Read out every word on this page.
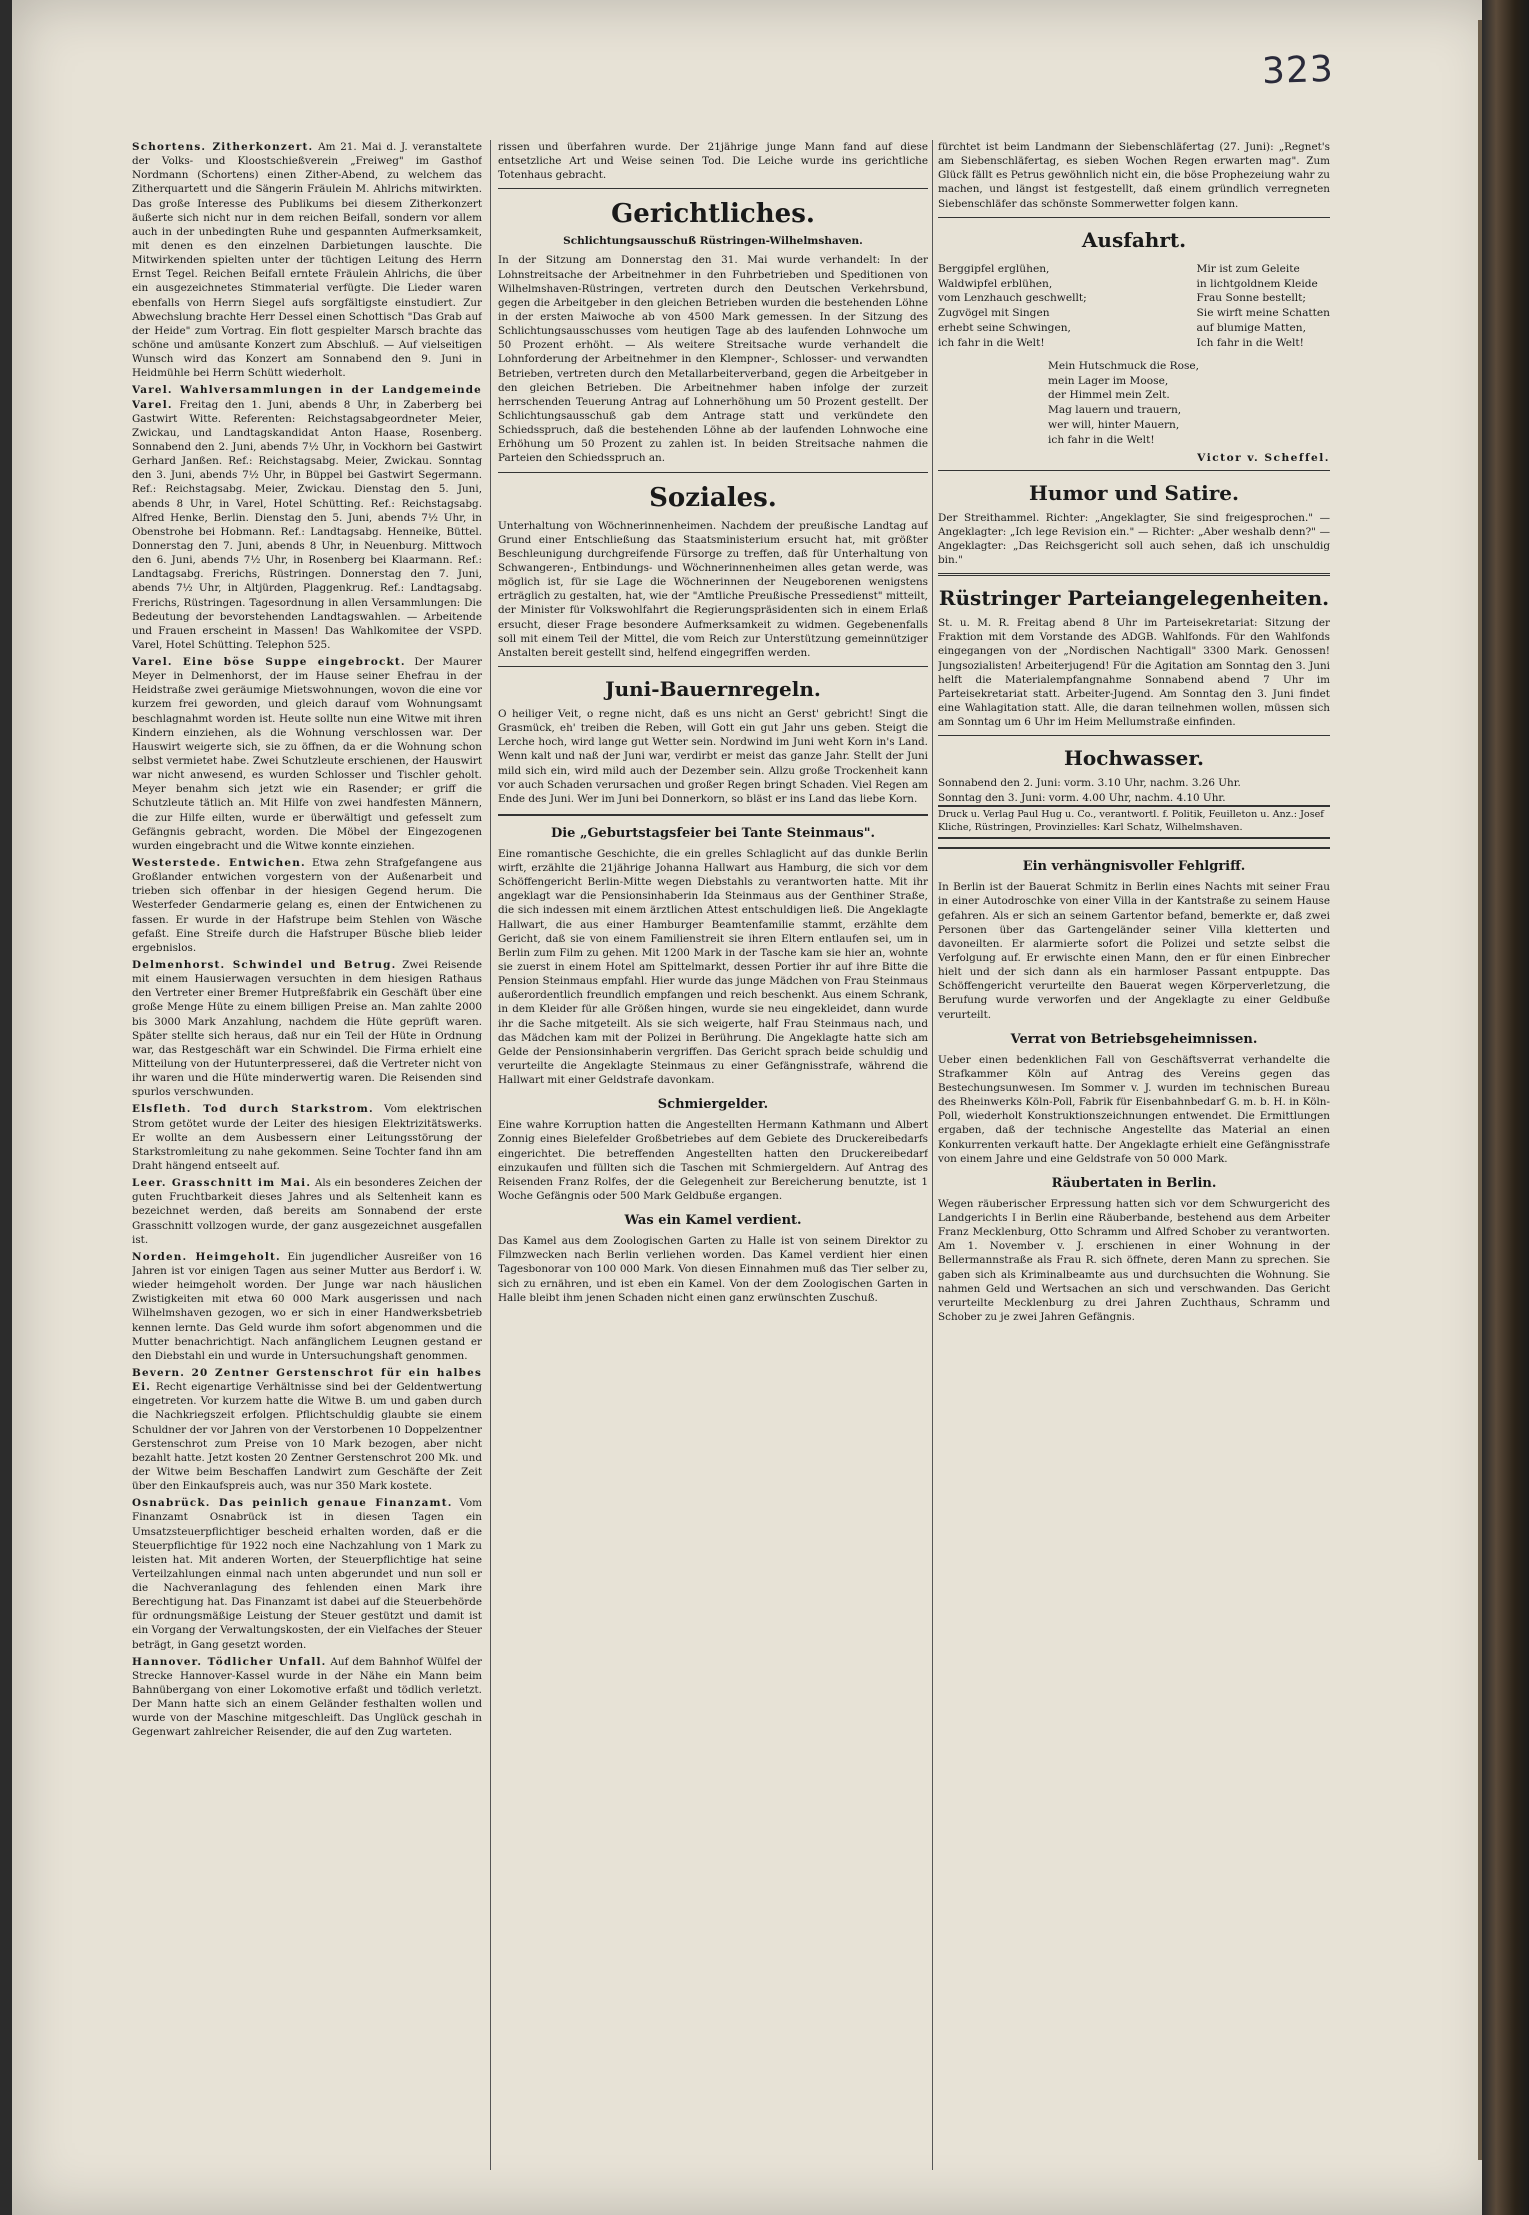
323

Schortens. Zitherkonzert. Am 21. Mai d. J. veranstaltete der Volks- und Kloostschießverein „Freiweg" im Gasthof Nordmann (Schortens) einen Zither-Abend, zu welchem das Zitherquartett und die Sängerin Fräulein M. Ahlrichs mitwirkten. Das große Interesse des Publikums bei diesem Zitherkonzert äußerte sich nicht nur in dem reichen Beifall, sondern vor allem auch in der unbedingten Ruhe und gespannten Aufmerksamkeit, mit denen es den einzelnen Darbietungen lauschte. Die Mitwirkenden spielten unter der tüchtigen Leitung des Herrn Ernst Tegel. Reichen Beifall erntete Fräulein Ahlrichs, die über ein ausgezeichnetes Stimmaterial verfügte. Die Lieder waren ebenfalls von Herrn Siegel aufs sorgfältigste einstudiert. Zur Abwechslung brachte Herr Dessel einen Schottisch "Das Grab auf der Heide" zum Vortrag. Ein flott gespielter Marsch brachte das schöne und amüsante Konzert zum Abschluß. — Auf vielseitigen Wunsch wird das Konzert am Sonnabend den 9. Juni in Heidmühle bei Herrn Schütt wiederholt.

Varel. Wahlversammlungen in der Landgemeinde Varel. Freitag den 1. Juni, abends 8 Uhr, in Zaberberg bei Gastwirt Witte. Referenten: Reichstagsabgeordneter Meier, Zwickau, und Landtagskandidat Anton Haase, Rosenberg. Sonnabend den 2. Juni, abends 7½ Uhr, in Vockhorn bei Gastwirt Gerhard Janßen. Ref.: Reichstagsabg. Meier, Zwickau. Sonntag den 3. Juni, abends 7½ Uhr, in Büppel bei Gastwirt Segermann. Ref.: Reichstagsabg. Meier, Zwickau. Dienstag den 5. Juni, abends 8 Uhr, in Varel, Hotel Schütting. Ref.: Reichstagsabg. Alfred Henke, Berlin. Dienstag den 5. Juni, abends 7½ Uhr, in Obenstrohe bei Hobmann. Ref.: Landtagsabg. Henneike, Büttel. Donnerstag den 7. Juni, abends 8 Uhr, in Neuenburg. Mittwoch den 6. Juni, abends 7½ Uhr, in Rosenberg bei Klaarmann. Ref.: Landtagsabg. Frerichs, Rüstringen. Donnerstag den 7. Juni, abends 7½ Uhr, in Altjürden, Plaggenkrug. Ref.: Landtagsabg. Frerichs, Rüstringen. Tagesordnung in allen Versammlungen: Die Bedeutung der bevorstehenden Landtagswahlen. — Arbeitende und Frauen erscheint in Massen! Das Wahlkomitee der VSPD. Varel, Hotel Schütting. Telephon 525.

Varel. Eine böse Suppe eingebrockt. Der Maurer Meyer in Delmenhorst, der im Hause seiner Ehefrau in der Heidstraße zwei geräumige Mietswohnungen, wovon die eine vor kurzem frei geworden, und gleich darauf vom Wohnungsamt beschlagnahmt worden ist. Heute sollte nun eine Witwe mit ihren Kindern einziehen, als die Wohnung verschlossen war. Der Hauswirt weigerte sich, sie zu öffnen, da er die Wohnung schon selbst vermietet habe. Zwei Schutzleute erschienen, der Hauswirt war nicht anwesend, es wurden Schlosser und Tischler geholt. Meyer benahm sich jetzt wie ein Rasender; er griff die Schutzleute tätlich an. Mit Hilfe von zwei handfesten Männern, die zur Hilfe eilten, wurde er überwältigt und gefesselt zum Gefängnis gebracht, worden. Die Möbel der Eingezogenen wurden eingebracht und die Witwe konnte einziehen.

Westerstede. Entwichen. Etwa zehn Strafgefangene aus Großlander entwichen vorgestern von der Außenarbeit und trieben sich offenbar in der hiesigen Gegend herum. Die Westerfeder Gendarmerie gelang es, einen der Entwichenen zu fassen. Er wurde in der Hafstrupe beim Stehlen von Wäsche gefaßt. Eine Streife durch die Hafstruper Büsche blieb leider ergebnislos.

Delmenhorst. Schwindel und Betrug. Zwei Reisende mit einem Hausierwagen versuchten in dem hiesigen Rathaus den Vertreter einer Bremer Hutpreßfabrik ein Geschäft über eine große Menge Hüte zu einem billigen Preise an. Man zahlte 2000 bis 3000 Mark Anzahlung, nachdem die Hüte geprüft waren. Später stellte sich heraus, daß nur ein Teil der Hüte in Ordnung war, das Restgeschäft war ein Schwindel. Die Firma erhielt eine Mitteilung von der Hutunterpresserei, daß die Vertreter nicht von ihr waren und die Hüte minderwertig waren. Die Reisenden sind spurlos verschwunden.

Elsfleth. Tod durch Starkstrom. Vom elektrischen Strom getötet wurde der Leiter des hiesigen Elektrizitätswerks. Er wollte an dem Ausbessern einer Leitungsstörung der Starkstromleitung zu nahe gekommen. Seine Tochter fand ihn am Draht hängend entseelt auf.

Leer. Grasschnitt im Mai. Als ein besonderes Zeichen der guten Fruchtbarkeit dieses Jahres und als Seltenheit kann es bezeichnet werden, daß bereits am Sonnabend der erste Grasschnitt vollzogen wurde, der ganz ausgezeichnet ausgefallen ist.

Norden. Heimgeholt. Ein jugendlicher Ausreißer von 16 Jahren ist vor einigen Tagen aus seiner Mutter aus Berdorf i. W. wieder heimgeholt worden. Der Junge war nach häuslichen Zwistigkeiten mit etwa 60 000 Mark ausgerissen und nach Wilhelmshaven gezogen, wo er sich in einer Handwerksbetrieb kennen lernte. Das Geld wurde ihm sofort abgenommen und die Mutter benachrichtigt. Nach anfänglichem Leugnen gestand er den Diebstahl ein und wurde in Untersuchungshaft genommen.

Bevern. 20 Zentner Gerstenschrot für ein halbes Ei. Recht eigenartige Verhältnisse sind bei der Geldentwertung eingetreten. Vor kurzem hatte die Witwe B. um und gaben durch die Nachkriegszeit erfolgen. Pflichtschuldig glaubte sie einem Schuldner der vor Jahren von der Verstorbenen 10 Doppelzentner Gerstenschrot zum Preise von 10 Mark bezogen, aber nicht bezahlt hatte. Jetzt kosten 20 Zentner Gerstenschrot 200 Mk. und der Witwe beim Beschaffen Landwirt zum Geschäfte der Zeit über den Einkaufspreis auch, was nur 350 Mark kostete.

Osnabrück. Das peinlich genaue Finanzamt. Vom Finanzamt Osnabrück ist in diesen Tagen ein Umsatzsteuerpflichtiger bescheid erhalten worden, daß er die Steuerpflichtige für 1922 noch eine Nachzahlung von 1 Mark zu leisten hat. Mit anderen Worten, der Steuerpflichtige hat seine Verteilzahlungen einmal nach unten abgerundet und nun soll er die Nachveranlagung des fehlenden einen Mark ihre Berechtigung hat. Das Finanzamt ist dabei auf die Steuerbehörde für ordnungsmäßige Leistung der Steuer gestützt und damit ist ein Vorgang der Verwaltungskosten, der ein Vielfaches der Steuer beträgt, in Gang gesetzt worden.

Hannover. Tödlicher Unfall. Auf dem Bahnhof Wülfel der Strecke Hannover-Kassel wurde in der Nähe ein Mann beim Bahnübergang von einer Lokomotive erfaßt und tödlich verletzt. Der Mann hatte sich an einem Geländer festhalten wollen und wurde von der Maschine mitgeschleift. Das Unglück geschah in Gegenwart zahlreicher Reisender, die auf den Zug warteten.

rissen und überfahren wurde. Der 21jährige junge Mann fand auf diese entsetzliche Art und Weise seinen Tod. Die Leiche wurde ins gerichtliche Totenhaus gebracht.

Gerichtliches.
Schlichtungsausschuß Rüstringen-Wilhelmshaven.

In der Sitzung am Donnerstag den 31. Mai wurde verhandelt: In der Lohnstreitsache der Arbeitnehmer in den Fuhrbetrieben und Speditionen von Wilhelmshaven-Rüstringen, vertreten durch den Deutschen Verkehrsbund, gegen die Arbeitgeber in den gleichen Betrieben wurden die bestehenden Löhne in der ersten Maiwoche ab von 4500 Mark gemessen. In der Sitzung des Schlichtungsausschusses vom heutigen Tage ab des laufenden Lohnwoche um 50 Prozent erhöht. — Als weitere Streitsache wurde verhandelt die Lohnforderung der Arbeitnehmer in den Klempner-, Schlosser- und verwandten Betrieben, vertreten durch den Metallarbeiterverband, gegen die Arbeitgeber in den gleichen Betrieben. Die Arbeitnehmer haben infolge der zurzeit herrschenden Teuerung Antrag auf Lohnerhöhung um 50 Prozent gestellt. Der Schlichtungsausschuß gab dem Antrage statt und verkündete den Schiedsspruch, daß die bestehenden Löhne ab der laufenden Lohnwoche eine Erhöhung um 50 Prozent zu zahlen ist. In beiden Streitsache nahmen die Parteien den Schiedsspruch an.

Soziales.

Unterhaltung von Wöchnerinnenheimen. Nachdem der preußische Landtag auf Grund einer Entschließung das Staatsministerium ersucht hat, mit größter Beschleunigung durchgreifende Fürsorge zu treffen, daß für Unterhaltung von Schwangeren-, Entbindungs- und Wöchnerinnenheimen alles getan werde, was möglich ist, für sie Lage die Wöchnerinnen der Neugeborenen wenigstens erträglich zu gestalten, hat, wie der "Amtliche Preußische Pressedienst" mitteilt, der Minister für Volkswohlfahrt die Regierungspräsidenten sich in einem Erlaß ersucht, dieser Frage besondere Aufmerksamkeit zu widmen. Gegebenenfalls soll mit einem Teil der Mittel, die vom Reich zur Unterstützung gemeinnütziger Anstalten bereit gestellt sind, helfend eingegriffen werden.

Juni-Bauernregeln.

O heiliger Veit, o regne nicht, daß es uns nicht an Gerst' gebricht! Singt die Grasmück, eh' treiben die Reben, will Gott ein gut Jahr uns geben. Steigt die Lerche hoch, wird lange gut Wetter sein. Nordwind im Juni weht Korn in's Land. Wenn kalt und naß der Juni war, verdirbt er meist das ganze Jahr. Stellt der Juni mild sich ein, wird mild auch der Dezember sein. Allzu große Trockenheit kann vor auch Schaden verursachen und großer Regen bringt Schaden. Viel Regen am Ende des Juni. Wer im Juni bei Donnerkorn, so bläst er ins Land das liebe Korn.

Die „Geburtstagsfeier bei Tante Steinmaus".

Eine romantische Geschichte, die ein grelles Schlaglicht auf das dunkle Berlin wirft, erzählte die 21jährige Johanna Hallwart aus Hamburg, die sich vor dem Schöffengericht Berlin-Mitte wegen Diebstahls zu verantworten hatte. Mit ihr angeklagt war die Pensionsinhaberin Ida Steinmaus aus der Genthiner Straße, die sich indessen mit einem ärztlichen Attest entschuldigen ließ. Die Angeklagte Hallwart, die aus einer Hamburger Beamtenfamilie stammt, erzählte dem Gericht, daß sie von einem Familienstreit sie ihren Eltern entlaufen sei, um in Berlin zum Film zu gehen. Mit 1200 Mark in der Tasche kam sie hier an, wohnte sie zuerst in einem Hotel am Spittelmarkt, dessen Portier ihr auf ihre Bitte die Pension Steinmaus empfahl. Hier wurde das junge Mädchen von Frau Steinmaus außerordentlich freundlich empfangen und reich beschenkt. Aus einem Schrank, in dem Kleider für alle Größen hingen, wurde sie neu eingekleidet, dann wurde ihr die Sache mitgeteilt. Als sie sich weigerte, half Frau Steinmaus nach, und das Mädchen kam mit der Polizei in Berührung. Die Angeklagte hatte sich am Gelde der Pensionsinhaberin vergriffen. Das Gericht sprach beide schuldig und verurteilte die Angeklagte Steinmaus zu einer Gefängnisstrafe, während die Hallwart mit einer Geldstrafe davonkam.

Schmiergelder.

Eine wahre Korruption hatten die Angestellten Hermann Kathmann und Albert Zonnig eines Bielefelder Großbetriebes auf dem Gebiete des Druckereibedarfs eingerichtet. Die betreffenden Angestellten hatten den Druckereibedarf einzukaufen und füllten sich die Taschen mit Schmiergeldern. Auf Antrag des Reisenden Franz Rolfes, der die Gelegenheit zur Bereicherung benutzte, ist 1 Woche Gefängnis oder 500 Mark Geldbuße ergangen.

Was ein Kamel verdient.

Das Kamel aus dem Zoologischen Garten zu Halle ist von seinem Direktor zu Filmzwecken nach Berlin verliehen worden. Das Kamel verdient hier einen Tagesbonorar von 100 000 Mark. Von diesen Einnahmen muß das Tier selber zu, sich zu ernähren, und ist eben ein Kamel. Von der dem Zoologischen Garten in Halle bleibt ihm jenen Schaden nicht einen ganz erwünschten Zuschuß.

fürchtet ist beim Landmann der Siebenschläfertag (27. Juni): „Regnet's am Siebenschläfertag, es sieben Wochen Regen erwarten mag". Zum Glück fällt es Petrus gewöhnlich nicht ein, die böse Prophezeiung wahr zu machen, und längst ist festgestellt, daß einem gründlich verregneten Siebenschläfer das schönste Sommerwetter folgen kann.

Ausfahrt.
Berggipfel erglühen,
Waldwipfel erblühen,
vom Lenzhauch geschwellt;
Zugvögel mit Singen
erhebt seine Schwingen,
ich fahr in die Welt!
Mir ist zum Geleite
in lichtgoldnem Kleide
Frau Sonne bestellt;
Sie wirft meine Schatten
auf blumige Matten,
Ich fahr in die Welt!
Mein Hutschmuck die Rose,
mein Lager im Moose,
der Himmel mein Zelt.
Mag lauern und trauern,
wer will, hinter Mauern,
ich fahr in die Welt!
Victor v. Scheffel.
Humor und Satire.

Der Streithammel. Richter: „Angeklagter, Sie sind freigesprochen." — Angeklagter: „Ich lege Revision ein." — Richter: „Aber weshalb denn?" — Angeklagter: „Das Reichsgericht soll auch sehen, daß ich unschuldig bin."

Rüstringer Parteiangelegenheiten.

St. u. M. R. Freitag abend 8 Uhr im Parteisekretariat: Sitzung der Fraktion mit dem Vorstande des ADGB. Wahlfonds. Für den Wahlfonds eingegangen von der „Nordischen Nachtigall" 3300 Mark. Genossen! Jungsozialisten! Arbeiterjugend! Für die Agitation am Sonntag den 3. Juni helft die Materialempfangnahme Sonnabend abend 7 Uhr im Parteisekretariat statt. Arbeiter-Jugend. Am Sonntag den 3. Juni findet eine Wahlagitation statt. Alle, die daran teilnehmen wollen, müssen sich am Sonntag um 6 Uhr im Heim Mellumstraße einfinden.

Hochwasser.
Sonnabend den 2. Juni: vorm. 3.10 Uhr, nachm. 3.26 Uhr.
Sonntag den 3. Juni: vorm. 4.00 Uhr, nachm. 4.10 Uhr.
Druck u. Verlag Paul Hug u. Co., verantwortl. f. Politik, Feuilleton u. Anz.: Josef Kliche, Rüstringen, Provinzielles: Karl Schatz, Wilhelmshaven.
Ein verhängnisvoller Fehlgriff.

In Berlin ist der Bauerat Schmitz in Berlin eines Nachts mit seiner Frau in einer Autodroschke von einer Villa in der Kantstraße zu seinem Hause gefahren. Als er sich an seinem Gartentor befand, bemerkte er, daß zwei Personen über das Gartengeländer seiner Villa kletterten und davoneilten. Er alarmierte sofort die Polizei und setzte selbst die Verfolgung auf. Er erwischte einen Mann, den er für einen Einbrecher hielt und der sich dann als ein harmloser Passant entpuppte. Das Schöffengericht verurteilte den Bauerat wegen Körperverletzung, die Berufung wurde verworfen und der Angeklagte zu einer Geldbuße verurteilt.

Verrat von Betriebsgeheimnissen.

Ueber einen bedenklichen Fall von Geschäftsverrat verhandelte die Strafkammer Köln auf Antrag des Vereins gegen das Bestechungsunwesen. Im Sommer v. J. wurden im technischen Bureau des Rheinwerks Köln-Poll, Fabrik für Eisenbahnbedarf G. m. b. H. in Köln-Poll, wiederholt Konstruktionszeichnungen entwendet. Die Ermittlungen ergaben, daß der technische Angestellte das Material an einen Konkurrenten verkauft hatte. Der Angeklagte erhielt eine Gefängnisstrafe von einem Jahre und eine Geldstrafe von 50 000 Mark.

Räubertaten in Berlin.

Wegen räuberischer Erpressung hatten sich vor dem Schwurgericht des Landgerichts I in Berlin eine Räuberbande, bestehend aus dem Arbeiter Franz Mecklenburg, Otto Schramm und Alfred Schober zu verantworten. Am 1. November v. J. erschienen in einer Wohnung in der Bellermannstraße als Frau R. sich öffnete, deren Mann zu sprechen. Sie gaben sich als Kriminalbeamte aus und durchsuchten die Wohnung. Sie nahmen Geld und Wertsachen an sich und verschwanden. Das Gericht verurteilte Mecklenburg zu drei Jahren Zuchthaus, Schramm und Schober zu je zwei Jahren Gefängnis.
